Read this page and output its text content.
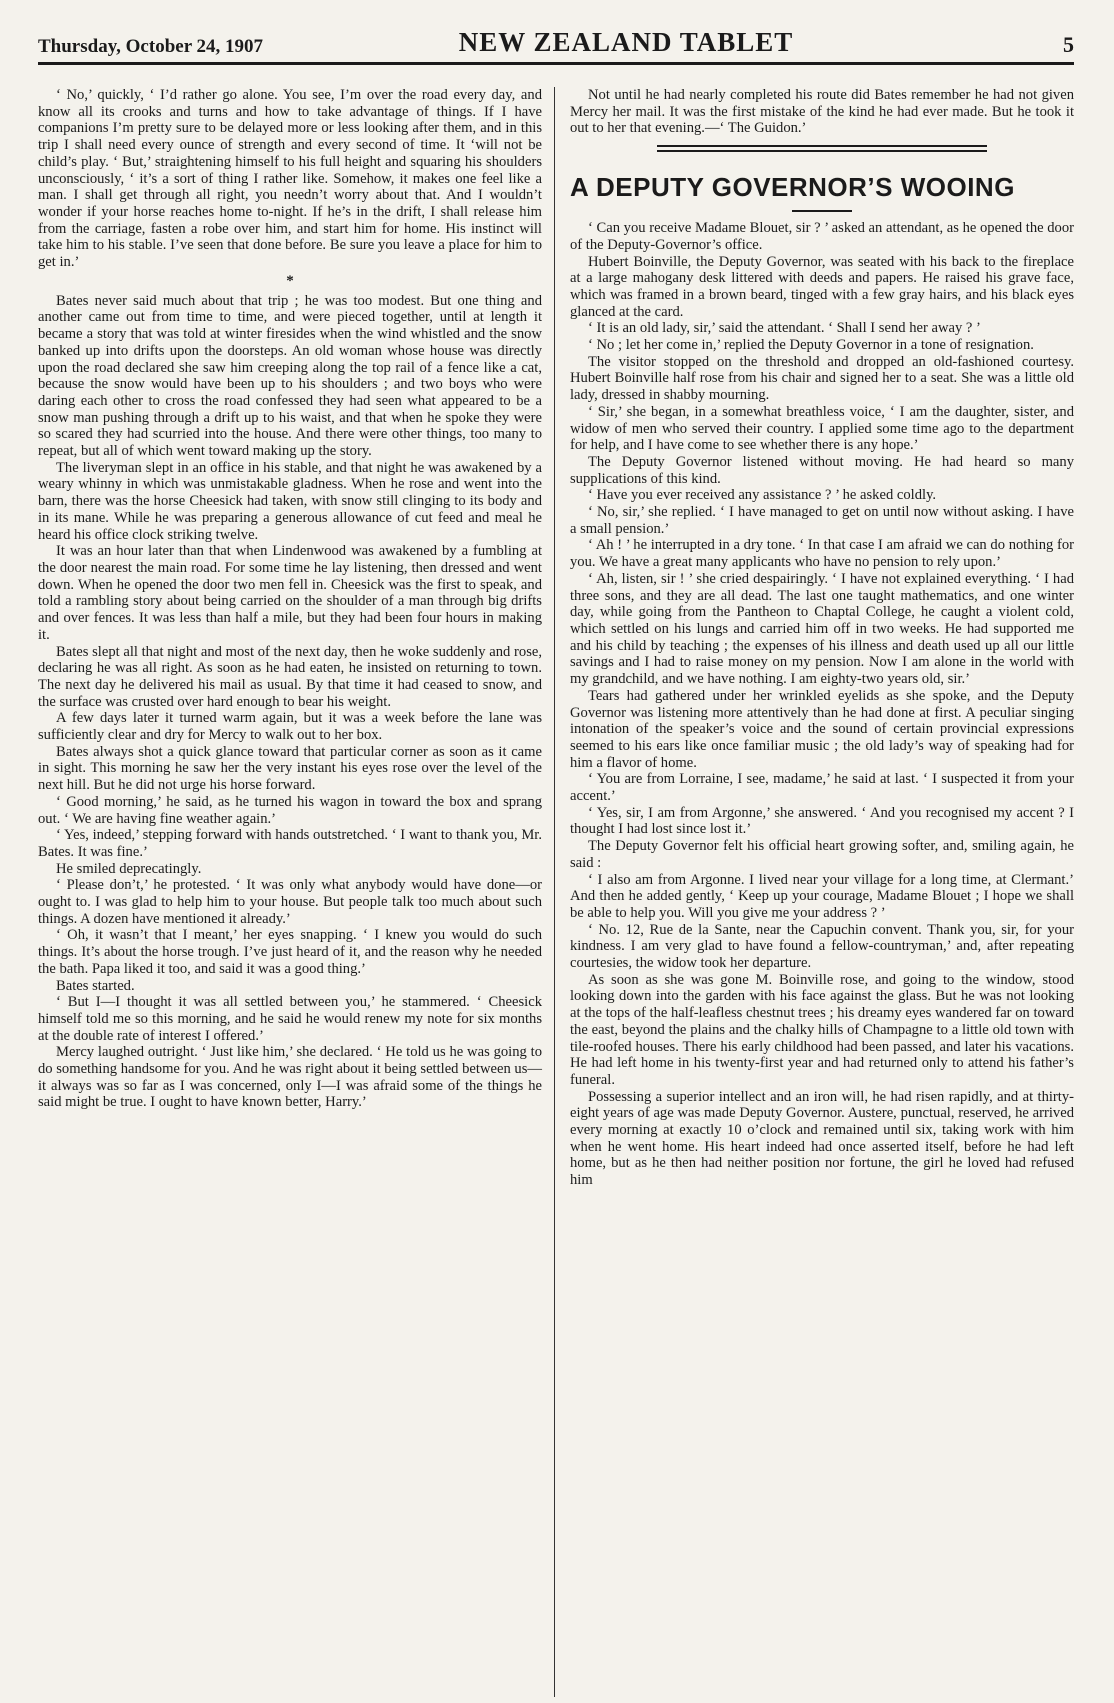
Thursday, October 24, 1907	NEW ZEALAND TABLET	5

‘ No,’ quickly, ‘ I’d rather go alone. You see, I’m over the road every day, and know all its crooks and turns and how to take advantage of things. If I have companions I’m pretty sure to be delayed more or less looking after them, and in this trip I shall need every ounce of strength and every second of time. It ‘will not be child’s play. ‘ But,’ straightening himself to his full height and squaring his shoulders unconsciously, ‘ it’s a sort of thing I rather like. Somehow, it makes one feel like a man. I shall get through all right, you needn’t worry about that. And I wouldn’t wonder if your horse reaches home to-night. If he’s in the drift, I shall release him from the carriage, fasten a robe over him, and start him for home. His instinct will take him to his stable. I’ve seen that done before. Be sure you leave a place for him to get in.’

*

Bates never said much about that trip ; he was too modest. But one thing and another came out from time to time, and were pieced together, until at length it became a story that was told at winter firesides when the wind whistled and the snow banked up into drifts upon the doorsteps. An old woman whose house was directly upon the road declared she saw him creeping along the top rail of a fence like a cat, because the snow would have been up to his shoulders ; and two boys who were daring each other to cross the road confessed they had seen what appeared to be a snow man pushing through a drift up to his waist, and that when he spoke they were so scared they had scurried into the house. And there were other things, too many to repeat, but all of which went toward making up the story.

The liveryman slept in an office in his stable, and that night he was awakened by a weary whinny in which was unmistakable gladness. When he rose and went into the barn, there was the horse Cheesick had taken, with snow still clinging to its body and in its mane. While he was preparing a generous allowance of cut feed and meal he heard his office clock striking twelve.

It was an hour later than that when Lindenwood was awakened by a fumbling at the door nearest the main road. For some time he lay listening, then dressed and went down. When he opened the door two men fell in. Cheesick was the first to speak, and told a rambling story about being carried on the shoulder of a man through big drifts and over fences. It was less than half a mile, but they had been four hours in making it.

Bates slept all that night and most of the next day, then he woke suddenly and rose, declaring he was all right. As soon as he had eaten, he insisted on returning to town. The next day he delivered his mail as usual. By that time it had ceased to snow, and the surface was crusted over hard enough to bear his weight.

A few days later it turned warm again, but it was a week before the lane was sufficiently clear and dry for Mercy to walk out to her box.

Bates always shot a quick glance toward that particular corner as soon as it came in sight. This morning he saw her the very instant his eyes rose over the level of the next hill. But he did not urge his horse forward.

‘ Good morning,’ he said, as he turned his wagon in toward the box and sprang out. ‘ We are having fine weather again.’

‘ Yes, indeed,’ stepping forward with hands outstretched. ‘ I want to thank you, Mr. Bates. It was fine.’

He smiled deprecatingly.

‘ Please don’t,’ he protested. ‘ It was only what anybody would have done—or ought to. I was glad to help him to your house. But people talk too much about such things. A dozen have mentioned it already.’

‘ Oh, it wasn’t that I meant,’ her eyes snapping. ‘ I knew you would do such things. It’s about the horse trough. I’ve just heard of it, and the reason why he needed the bath. Papa liked it too, and said it was a good thing.’

Bates started.

‘ But I—I thought it was all settled between you,’ he stammered. ‘ Cheesick himself told me so this morning, and he said he would renew my note for six months at the double rate of interest I offered.’

Mercy laughed outright. ‘ Just like him,’ she declared. ‘ He told us he was going to do something handsome for you. And he was right about it being settled between us—it always was so far as I was concerned, only I—I was afraid some of the things he said might be true. I ought to have known better, Harry.’

Not until he had nearly completed his route did Bates remember he had not given Mercy her mail. It was the first mistake of the kind he had ever made. But he took it out to her that evening.—‘ The Guidon.’

A DEPUTY GOVERNOR’S WOOING

‘ Can you receive Madame Blouet, sir ? ’ asked an attendant, as he opened the door of the Deputy-Governor’s office.

Hubert Boinville, the Deputy Governor, was seated with his back to the fireplace at a large mahogany desk littered with deeds and papers. He raised his grave face, which was framed in a brown beard, tinged with a few gray hairs, and his black eyes glanced at the card.

‘ It is an old lady, sir,’ said the attendant. ‘ Shall I send her away ? ’

‘ No ; let her come in,’ replied the Deputy Governor in a tone of resignation.

The visitor stopped on the threshold and dropped an old-fashioned courtesy. Hubert Boinville half rose from his chair and signed her to a seat. She was a little old lady, dressed in shabby mourning.

‘ Sir,’ she began, in a somewhat breathless voice, ‘ I am the daughter, sister, and widow of men who served their country. I applied some time ago to the department for help, and I have come to see whether there is any hope.’

The Deputy Governor listened without moving. He had heard so many supplications of this kind.

‘ Have you ever received any assistance ? ’ he asked coldly.

‘ No, sir,’ she replied. ‘ I have managed to get on until now without asking. I have a small pension.’

‘ Ah ! ’ he interrupted in a dry tone. ‘ In that case I am afraid we can do nothing for you. We have a great many applicants who have no pension to rely upon.’

‘ Ah, listen, sir ! ’ she cried despairingly. ‘ I have not explained everything. ‘ I had three sons, and they are all dead. The last one taught mathematics, and one winter day, while going from the Pantheon to Chaptal College, he caught a violent cold, which settled on his lungs and carried him off in two weeks. He had supported me and his child by teaching ; the expenses of his illness and death used up all our little savings and I had to raise money on my pension. Now I am alone in the world with my grandchild, and we have nothing. I am eighty-two years old, sir.’

Tears had gathered under her wrinkled eyelids as she spoke, and the Deputy Governor was listening more attentively than he had done at first. A peculiar singing intonation of the speaker’s voice and the sound of certain provincial expressions seemed to his ears like once familiar music ; the old lady’s way of speaking had for him a flavor of home.

‘ You are from Lorraine, I see, madame,’ he said at last. ‘ I suspected it from your accent.’

‘ Yes, sir, I am from Argonne,’ she answered. ‘ And you recognised my accent ? I thought I had lost since lost it.’

The Deputy Governor felt his official heart growing softer, and, smiling again, he said :

‘ I also am from Argonne. I lived near your village for a long time, at Clermant.’ And then he added gently, ‘ Keep up your courage, Madame Blouet ; I hope we shall be able to help you. Will you give me your address ? ’

‘ No. 12, Rue de la Sante, near the Capuchin convent. Thank you, sir, for your kindness. I am very glad to have found a fellow-countryman,’ and, after repeating courtesies, the widow took her departure.

As soon as she was gone M. Boinville rose, and going to the window, stood looking down into the garden with his face against the glass. But he was not looking at the tops of the half-leafless chestnut trees ; his dreamy eyes wandered far on toward the east, beyond the plains and the chalky hills of Champagne to a little old town with tile-roofed houses. There his early childhood had been passed, and later his vacations. He had left home in his twenty-first year and had returned only to attend his father’s funeral.

Possessing a superior intellect and an iron will, he had risen rapidly, and at thirty-eight years of age was made Deputy Governor. Austere, punctual, reserved, he arrived every morning at exactly 10 o’clock and remained until six, taking work with him when he went home. His heart indeed had once asserted itself, before he had left home, but as he then had neither position nor fortune, the girl he loved had refused him
